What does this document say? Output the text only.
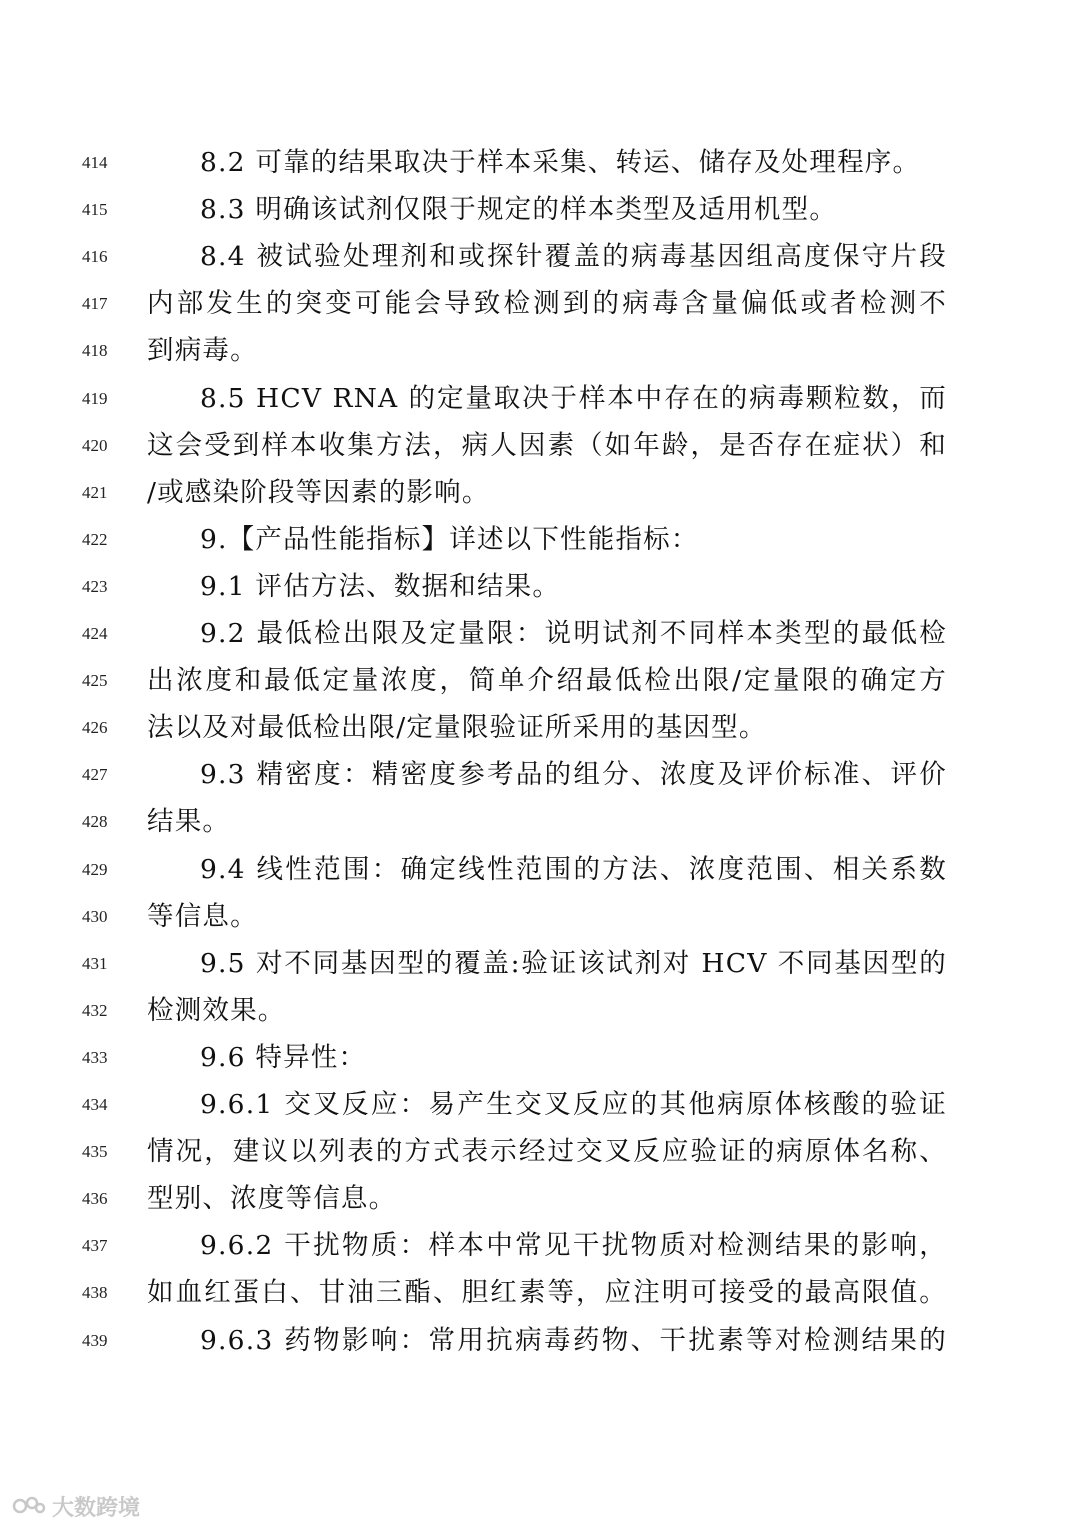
414	8.2 可靠的结果取决于样本采集、转运、储存及处理程序。
415	8.3 明确该试剂仅限于规定的样本类型及适用机型。
416	8.4 被试验处理剂和或探针覆盖的病毒基因组高度保守片段
417	内部发生的突变可能会导致检测到的病毒含量偏低或者检测不
418	到病毒。
419	8.5 HCV RNA 的定量取决于样本中存在的病毒颗粒数，而
420	这会受到样本收集方法，病人因素（如年龄，是否存在症状）和
421	/或感染阶段等因素的影响。
422	9.【产品性能指标】详述以下性能指标：
423	9.1 评估方法、数据和结果。
424	9.2 最低检出限及定量限：说明试剂不同样本类型的最低检
425	出浓度和最低定量浓度，简单介绍最低检出限/定量限的确定方
426	法以及对最低检出限/定量限验证所采用的基因型。
427	9.3 精密度：精密度参考品的组分、浓度及评价标准、评价
428	结果。
429	9.4 线性范围：确定线性范围的方法、浓度范围、相关系数
430	等信息。
431	9.5 对不同基因型的覆盖:验证该试剂对 HCV 不同基因型的
432	检测效果。
433	9.6 特异性：
434	9.6.1 交叉反应：易产生交叉反应的其他病原体核酸的验证
435	情况，建议以列表的方式表示经过交叉反应验证的病原体名称、
436	型别、浓度等信息。
437	9.6.2 干扰物质：样本中常见干扰物质对检测结果的影响，
438	如血红蛋白、甘油三酯、胆红素等，应注明可接受的最高限值。
439	9.6.3 药物影响：常用抗病毒药物、干扰素等对检测结果的
大数跨境
